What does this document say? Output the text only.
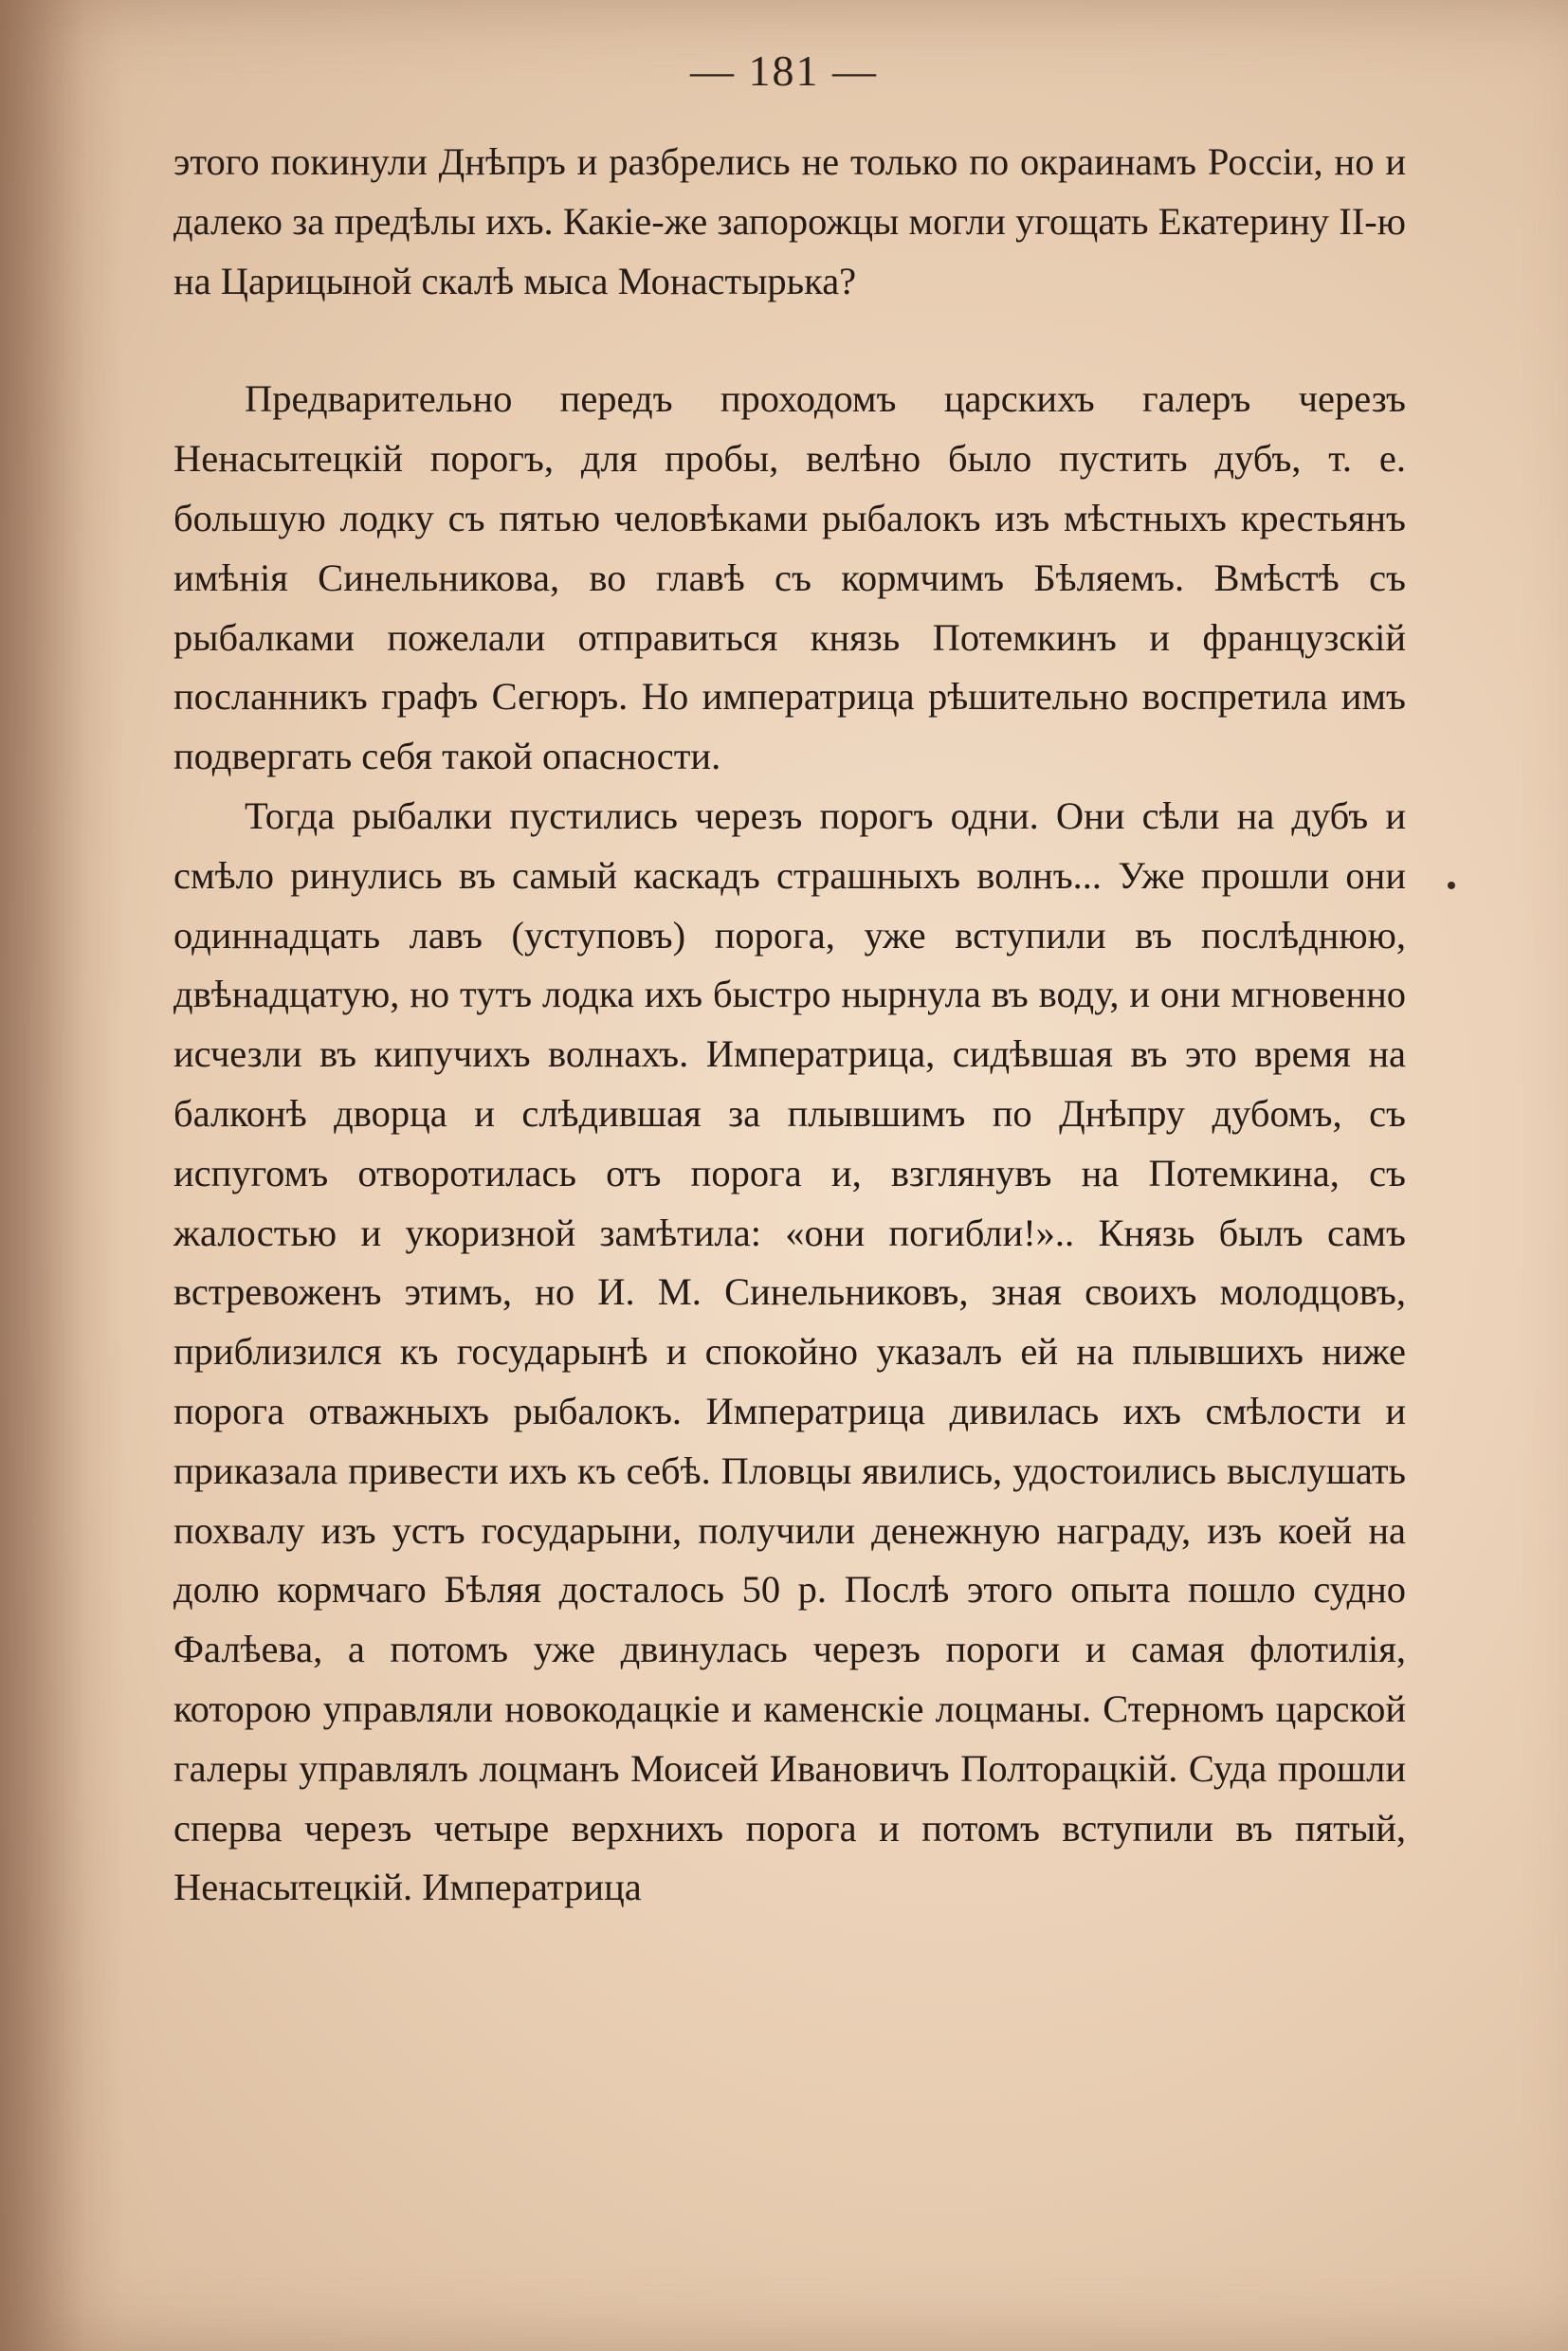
— 181 —

этого покинули Днѣпръ и разбрелись не только по окраинамъ Россіи, но и далеко за предѣлы ихъ. Какіе-же запорожцы могли угощать Екатерину ІІ-ю на Царицыной скалѣ мыса Монастырька?

Предварительно передъ проходомъ царскихъ галеръ черезъ Ненасытецкій порогъ, для пробы, велѣно было пустить дубъ, т. е. большую лодку съ пятью человѣками рыбалокъ изъ мѣстныхъ крестьянъ имѣнія Синельникова, во главѣ съ кормчимъ Бѣляемъ. Вмѣстѣ съ рыбалками пожелали отправиться князь Потемкинъ и французскій посланникъ графъ Сегюръ. Но императрица рѣшительно воспретила имъ подвергать себя такой опасности.

Тогда рыбалки пустились черезъ порогъ одни. Они сѣли на дубъ и смѣло ринулись въ самый каскадъ страшныхъ волнъ... Уже прошли они одиннадцать лавъ (уступовъ) порога, уже вступили въ послѣднюю, двѣнадцатую, но тутъ лодка ихъ быстро нырнула въ воду, и они мгновенно исчезли въ кипучихъ волнахъ. Императрица, сидѣвшая въ это время на балконѣ дворца и слѣдившая за плывшимъ по Днѣпру дубомъ, съ испугомъ отворотилась отъ порога и, взглянувъ на Потемкина, съ жалостью и укоризной замѣтила: «они погибли!».. Князь былъ самъ встревоженъ этимъ, но И. М. Синельниковъ, зная своихъ молодцовъ, приблизился къ государынѣ и спокойно указалъ ей на плывшихъ ниже порога отважныхъ рыбалокъ. Императрица дивилась ихъ смѣлости и приказала привести ихъ къ себѣ. Пловцы явились, удостоились выслушать похвалу изъ устъ государыни, получили денежную награду, изъ коей на долю кормчаго Бѣляя досталось 50 р. Послѣ этого опыта пошло судно Фалѣева, а потомъ уже двинулась черезъ пороги и самая флотилія, которою управляли новокодацкіе и каменскіе лоцманы. Стерномъ царской галеры управлялъ лоцманъ Моисей Ивановичъ Полторацкій. Суда прошли сперва черезъ четыре верхнихъ порога и потомъ вступили въ пятый, Ненасытецкій. Императрица
